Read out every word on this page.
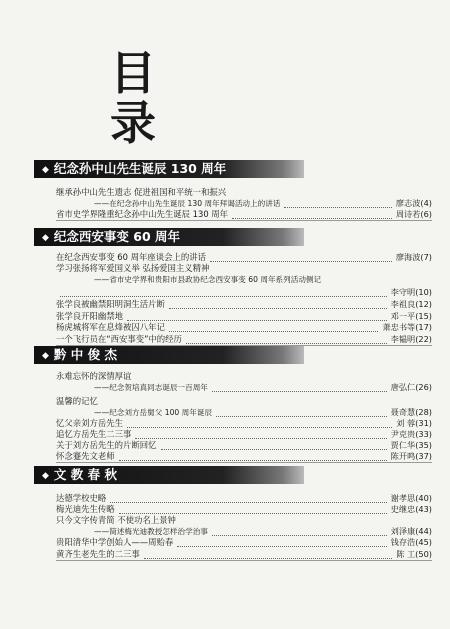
目
录
◆ 纪念孙中山先生诞辰 130 周年
继承孙中山先生遗志 促进祖国和平统一和振兴
——在纪念孙中山先生诞辰 130 周年拜谒活动上的讲话	廖志波(4)
省市史学界隆重纪念孙中山先生诞辰 130 周年	周诗若(6)
◆ 纪念西安事变 60 周年
在纪念西安事变 60 周年座谈会上的讲话	廖海波(7)
学习张扬将军爱国义举 弘扬爱国主义精神
——省市史学界和贵阳市县政协纪念西安事变 60 周年系列活动侧记
李守明(10)
张学良被幽禁阳明洞生活片断	李祖良(12)
张学良开阳幽禁地	邓一平(15)
杨虎城将军在息烽被囚八年记	萧忠书等(17)
一个飞行员在“西安事变”中的经历	李韫明(22)
◆ 黔 中 俊 杰
永难忘怀的深情厚谊
——纪念贺培真同志诞辰一百周年	唐弘仁(26)
温馨的记忆
——纪念刘方岳舅父 100 周年诞辰	聂奇慧(28)
忆父亲刘方岳先生	刘 蓉(31)
追忆方岳先生二三事	尹克贵(33)
关于刘方岳先生的片断回忆	贾仁华(35)
怀念蹇先文老师	陈开鸣(37)
◆ 文 教 春 秋
达德学校史略	谢孝思(40)
梅光迪先生传略	史继忠(43)
只今文字传青简 不使功名上景钟
——简述梅光迪教授怎样治学治事	刘泽康(44)
贵阳清华中学创始人——周贻春	钱存浩(45)
黄齐生老先生的二三事	陈 工(50)
